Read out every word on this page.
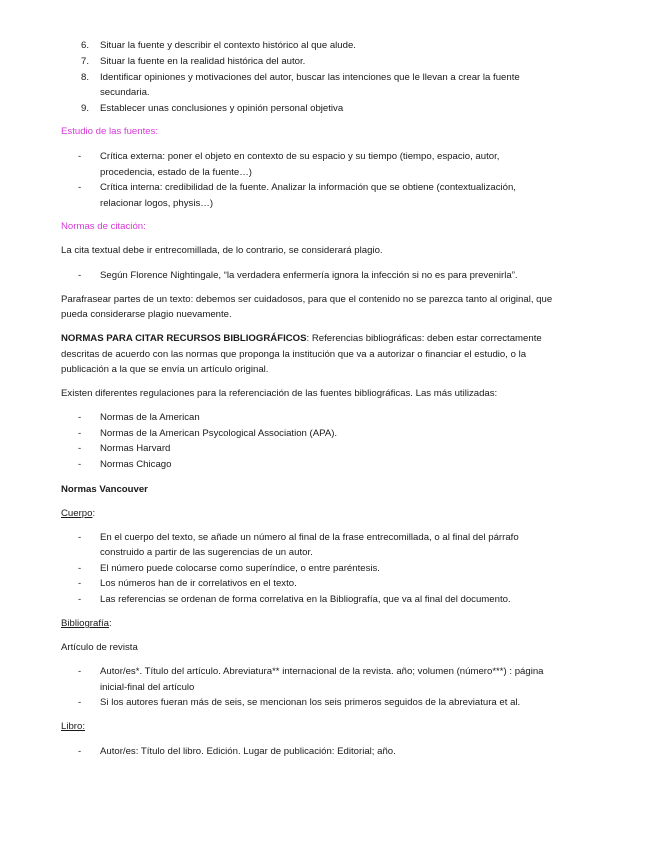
6. Situar la fuente y describir el contexto histórico al que alude.
7. Situar la fuente en la realidad histórica del autor.
8. Identificar opiniones y motivaciones del autor, buscar las intenciones que le llevan a crear la fuente
secundaria.
9. Establecer unas conclusiones y opinión personal objetiva
Estudio de las fuentes:
- Crítica externa: poner el objeto en contexto de su espacio y su tiempo (tiempo, espacio, autor,
procedencia, estado de la fuente…)
- Crítica interna: credibilidad de la fuente. Analizar la información que se obtiene (contextualización,
relacionar logos, physis…)
Normas de citación:
La cita textual debe ir entrecomillada, de lo contrario, se considerará plagio.
- Según Florence Nightingale, “la verdadera enfermería ignora la infección si no es para prevenirla”.
Parafrasear partes de un texto: debemos ser cuidadosos, para que el contenido no se parezca tanto al original, que
pueda considerarse plagio nuevamente.
NORMAS PARA CITAR RECURSOS BIBLIOGRÁFICOS: Referencias bibliográficas: deben estar correctamente
descritas de acuerdo con las normas que proponga la institución que va a autorizar o financiar el estudio, o la
publicación a la que se envía un artículo original.
Existen diferentes regulaciones para la referenciación de las fuentes bibliográficas. Las más utilizadas:
- Normas de la American
- Normas de la American Psycological Association (APA).
- Normas Harvard
- Normas Chicago
Normas Vancouver
Cuerpo:
- En el cuerpo del texto, se añade un número al final de la frase entrecomillada, o al final del párrafo
construido a partir de las sugerencias de un autor.
- El número puede colocarse como superíndice, o entre paréntesis.
- Los números han de ir correlativos en el texto.
- Las referencias se ordenan de forma correlativa en la Bibliografía, que va al final del documento.
Bibliografía:
Artículo de revista
- Autor/es*. Título del artículo. Abreviatura** internacional de la revista. año; volumen (número***) : página
inicial-final del artículo
- Si los autores fueran más de seis, se mencionan los seis primeros seguidos de la abreviatura et al.
Libro:
- Autor/es: Título del libro. Edición. Lugar de publicación: Editorial; año.
